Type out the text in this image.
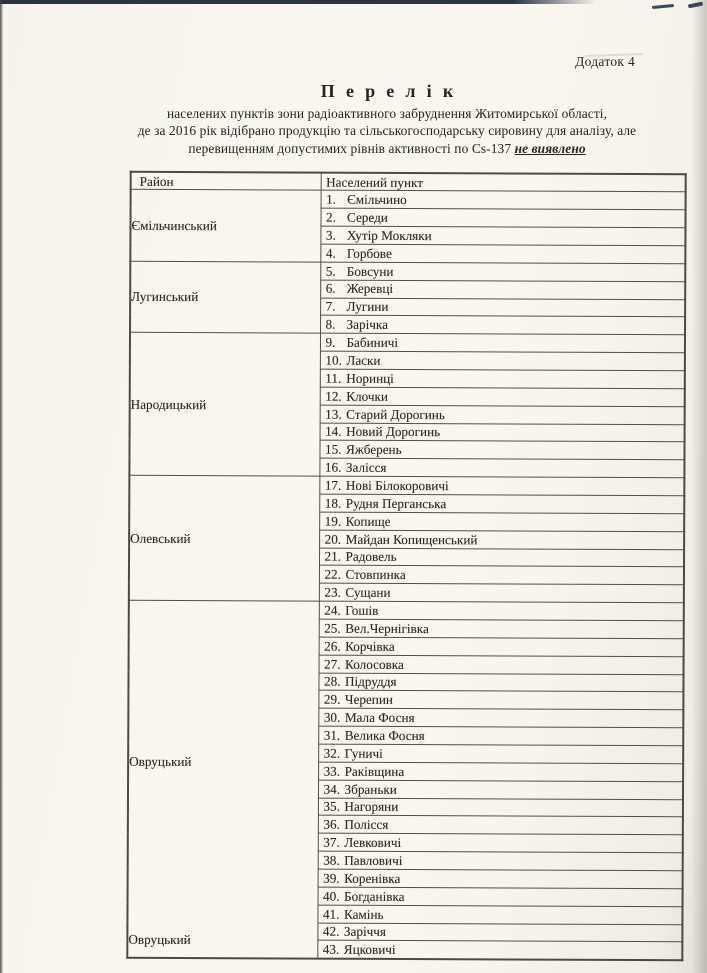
Додаток 4
Перелік
населених пунктів зони радіоактивного забруднення Житомирської області,
де за 2016 рік відібрано продукцію та сільськогосподарську сировину для аналізу, але
перевищенням допустимих рівнів активності по Cs-137 не виявлено
Район	Населений пункт
Ємільчинський	1. Ємільчино
	2. Середи
	3. Хутір Мокляки
	4. Горбове
Лугинський	5. Бовсуни
	6. Жеревці
	7. Лугини
	8. Зарічка
Народицький	9. Бабиничі
	10. Ласки
	11. Норинці
	12. Клочки
	13. Старий Дорогинь
	14. Новий Дорогинь
	15. Яжберень
	16. Залісся
Олевський	17. Нові Білокоровичі
	18. Рудня Перганська
	19. Копище
	20. Майдан Копищенський
	21. Радовель
	22. Стовпинка
	23. Сущани
Овруцький	24. Гошів
	25. Вел.Чернігівка
	26. Корчівка
	27. Колосовка
	28. Підруддя
	29. Черепин
	30. Мала Фосня
	31. Велика Фосня
	32. Гуничі
	33. Раківщина
	34. Збраньки
	35. Нагоряни
	36. Полісся
	37. Левковичі
	38. Павловичі
	39. Коренівка
	40. Богданівка
	41. Камінь
Овруцький	42. Заріччя
	43. Яцковичі
